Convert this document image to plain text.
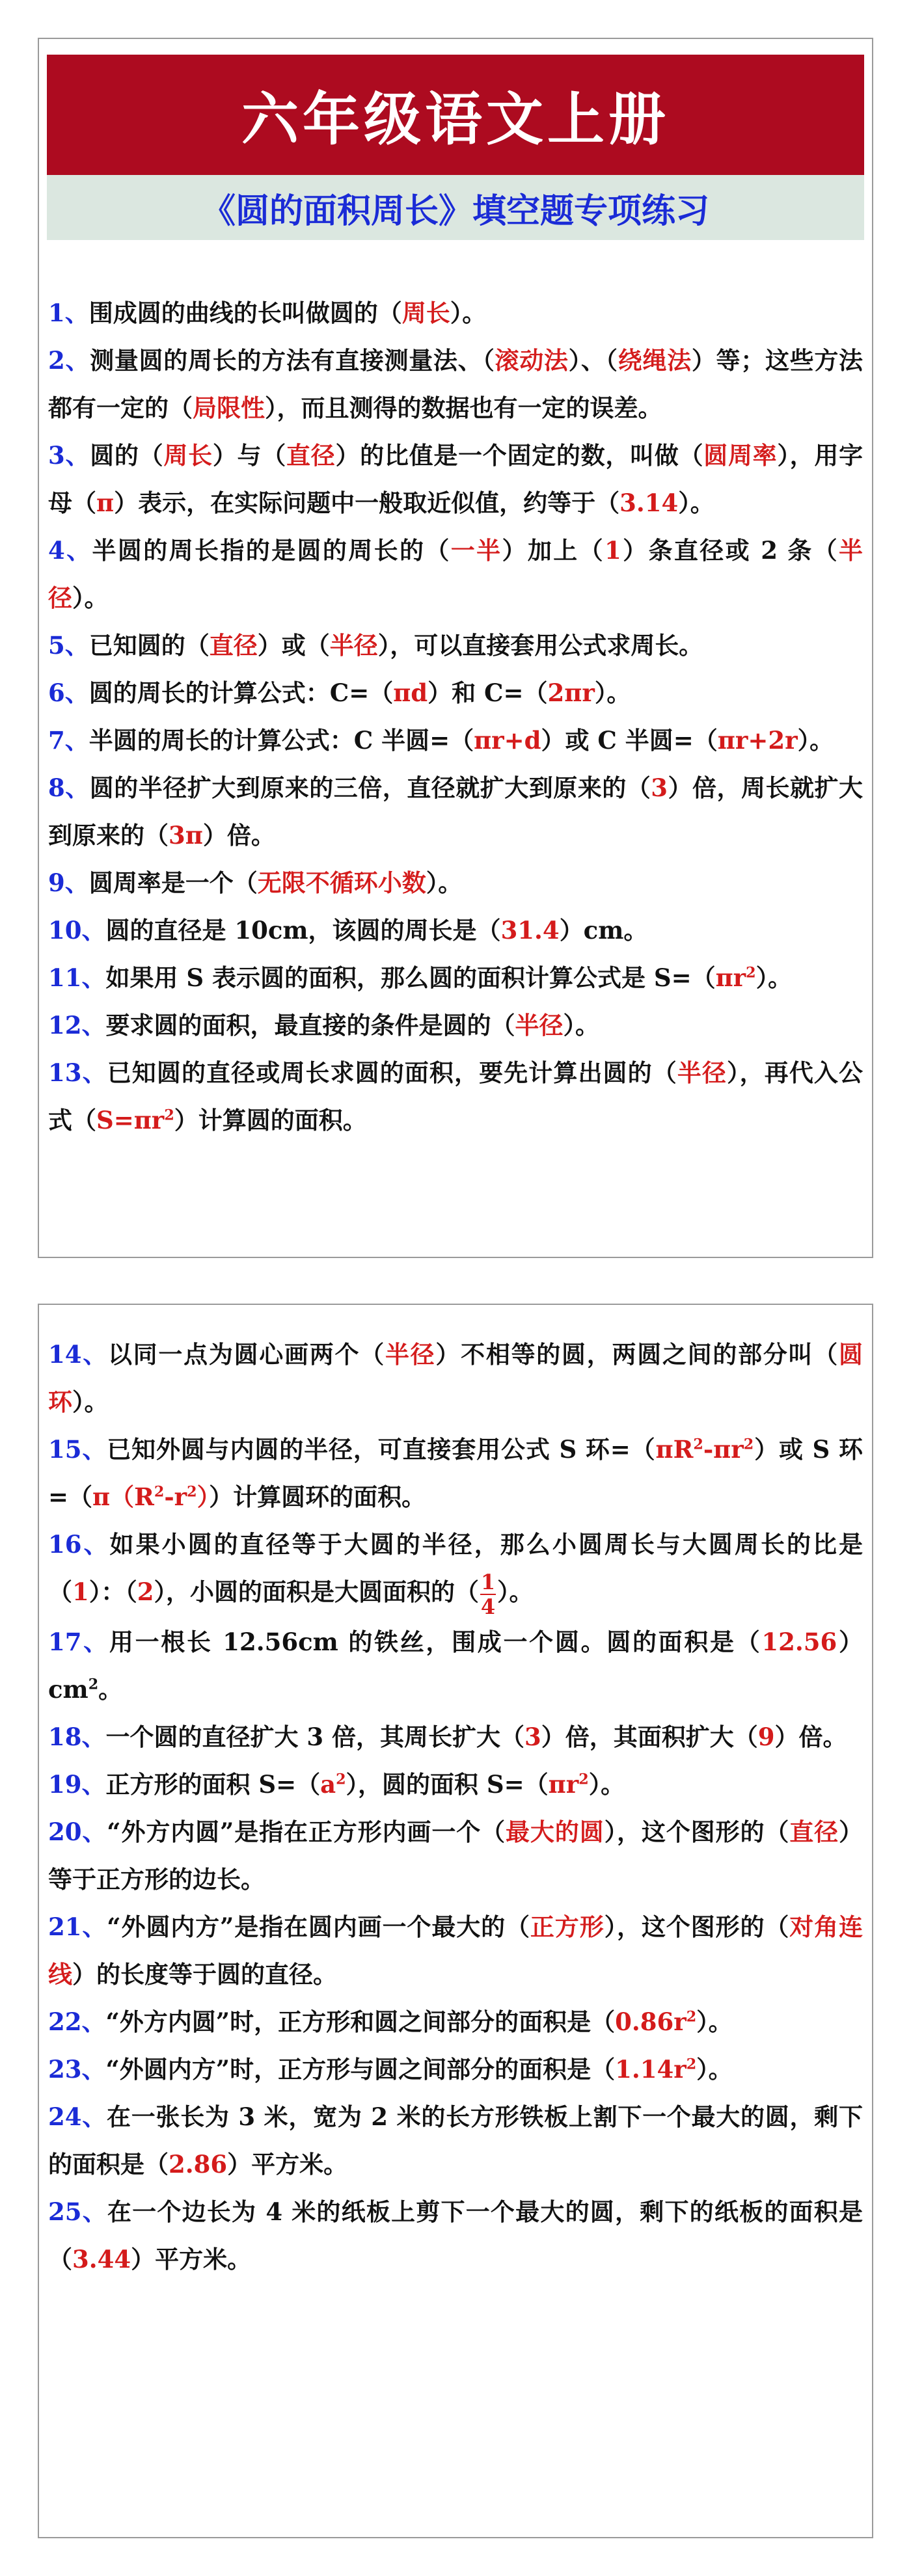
六年级语文上册
《圆的面积周长》填空题专项练习
1、围成圆的曲线的长叫做圆的（周长）。
2、测量圆的周长的方法有直接测量法、（滚动法）、（绕绳法）等；这些方法都有一定的（局限性），而且测得的数据也有一定的误差。
3、圆的（周长）与（直径）的比值是一个固定的数，叫做（圆周率），用字母（π）表示，在实际问题中一般取近似值，约等于（3.14）。
4、半圆的周长指的是圆的周长的（一半）加上（1）条直径或 2 条（半径）。
5、已知圆的（直径）或（半径），可以直接套用公式求周长。
6、圆的周长的计算公式：C=（πd）和 C=（2πr）。
7、半圆的周长的计算公式：C 半圆=（πr+d）或 C 半圆=（πr+2r）。
8、圆的半径扩大到原来的三倍，直径就扩大到原来的（3）倍，周长就扩大到原来的（3π）倍。
9、圆周率是一个（无限不循环小数）。
10、圆的直径是 10cm，该圆的周长是（31.4）cm。
11、如果用 S 表示圆的面积，那么圆的面积计算公式是 $S=(\pi r^2)$。
12、要求圆的面积，最直接的条件是圆的（半径）。
13、已知圆的直径或周长求圆的面积，要先计算出圆的（半径），再代入公式$(S=\pi r^2)$计算圆的面积。
14、以同一点为圆心画两个（半径）不相等的圆，两圆之间的部分叫（圆环）。
15、已知外圆与内圆的半径，可直接套用公式 S 环$=(\pi R^2-\pi r^2)$或 S 环$=(\pi(R^2-r^2))$计算圆环的面积。
16、如果小圆的直径等于大圆的半径，那么小圆周长与大圆周长的比是（1）：（2），小圆的面积是大圆面积的（ $\frac{1}{4}$ ）。
17、用一根长 12.56cm 的铁丝，围成一个圆。圆的面积是$(12.56)cm^2$。
18、一个圆的直径扩大 3 倍，其周长扩大（3）倍，其面积扩大（9）倍。
19、正方形的面积 $S=(a^2)$，圆的面积 $S=(\pi r^2)$。
20、“外方内圆”是指在正方形内画一个（最大的圆），这个图形的（直径）等于正方形的边长。
21、“外圆内方”是指在圆内画一个最大的（正方形），这个图形的（对角连线）的长度等于圆的直径。
22、“外方内圆”时，正方形和圆之间部分的面积是$(0.86r^2)$。
23、“外圆内方”时，正方形与圆之间部分的面积是$(1.14r^2)$。
24、在一张长为 3 米，宽为 2 米的长方形铁板上割下一个最大的圆，剩下的面积是（2.86）平方米。
25、在一个边长为 4 米的纸板上剪下一个最大的圆，剩下的纸板的面积是（3.44）平方米。
